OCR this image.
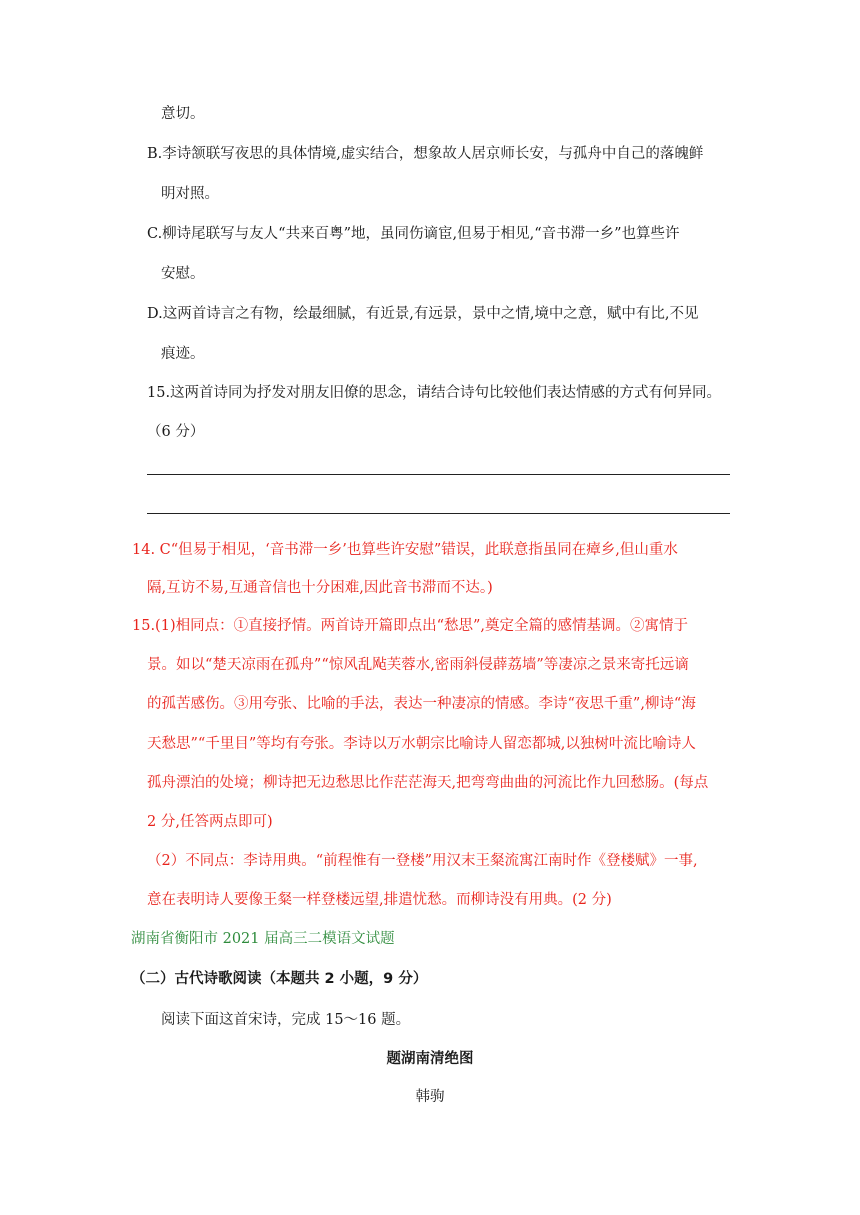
意切。
B.李诗颔联写夜思的具体情境,虚实结合，想象故人居京师长安，与孤舟中自己的落魄鲜
明对照。
C.柳诗尾联写与友人“共来百粤”地，虽同伤谪宦,但易于相见,“音书滞一乡”也算些许
安慰。
D.这两首诗言之有物，绘最细腻，有近景,有远景，景中之情,境中之意，赋中有比,不见
痕迹。
15.这两首诗同为抒发对朋友旧僚的思念，请结合诗句比较他们表达情感的方式有何异同。
（6 分）
14. C“但易于相见，‘音书滞一乡’也算些许安慰”错误，此联意指虽同在瘴乡,但山重水
隔,互访不易,互通音信也十分困难,因此音书滞而不达。)
15.(1)相同点：①直接抒情。两首诗开篇即点出“愁思”,奠定全篇的感情基调。②寓情于
景。如以“楚天凉雨在孤舟”“惊风乱飐芙蓉水,密雨斜侵薜荔墙”等凄凉之景来寄托远谪
的孤苦感伤。③用夸张、比喻的手法，表达一种凄凉的情感。李诗“夜思千重”,柳诗“海
天愁思”“千里目”等均有夸张。李诗以万水朝宗比喻诗人留恋都城,以独树叶流比喻诗人
孤舟漂泊的处境；柳诗把无边愁思比作茫茫海天,把弯弯曲曲的河流比作九回愁肠。(每点
2 分,任答两点即可)
（2）不同点：李诗用典。“前程惟有一登楼”用汉末王粲流寓江南时作《登楼赋》一事,
意在表明诗人要像王粲一样登楼远望,排遣忧愁。而柳诗没有用典。(2 分)
湖南省衡阳市 2021 届高三二模语文试题
（二）古代诗歌阅读（本题共 2 小题，9 分）
阅读下面这首宋诗，完成 15～16 题。
题湖南清绝图
韩驹
